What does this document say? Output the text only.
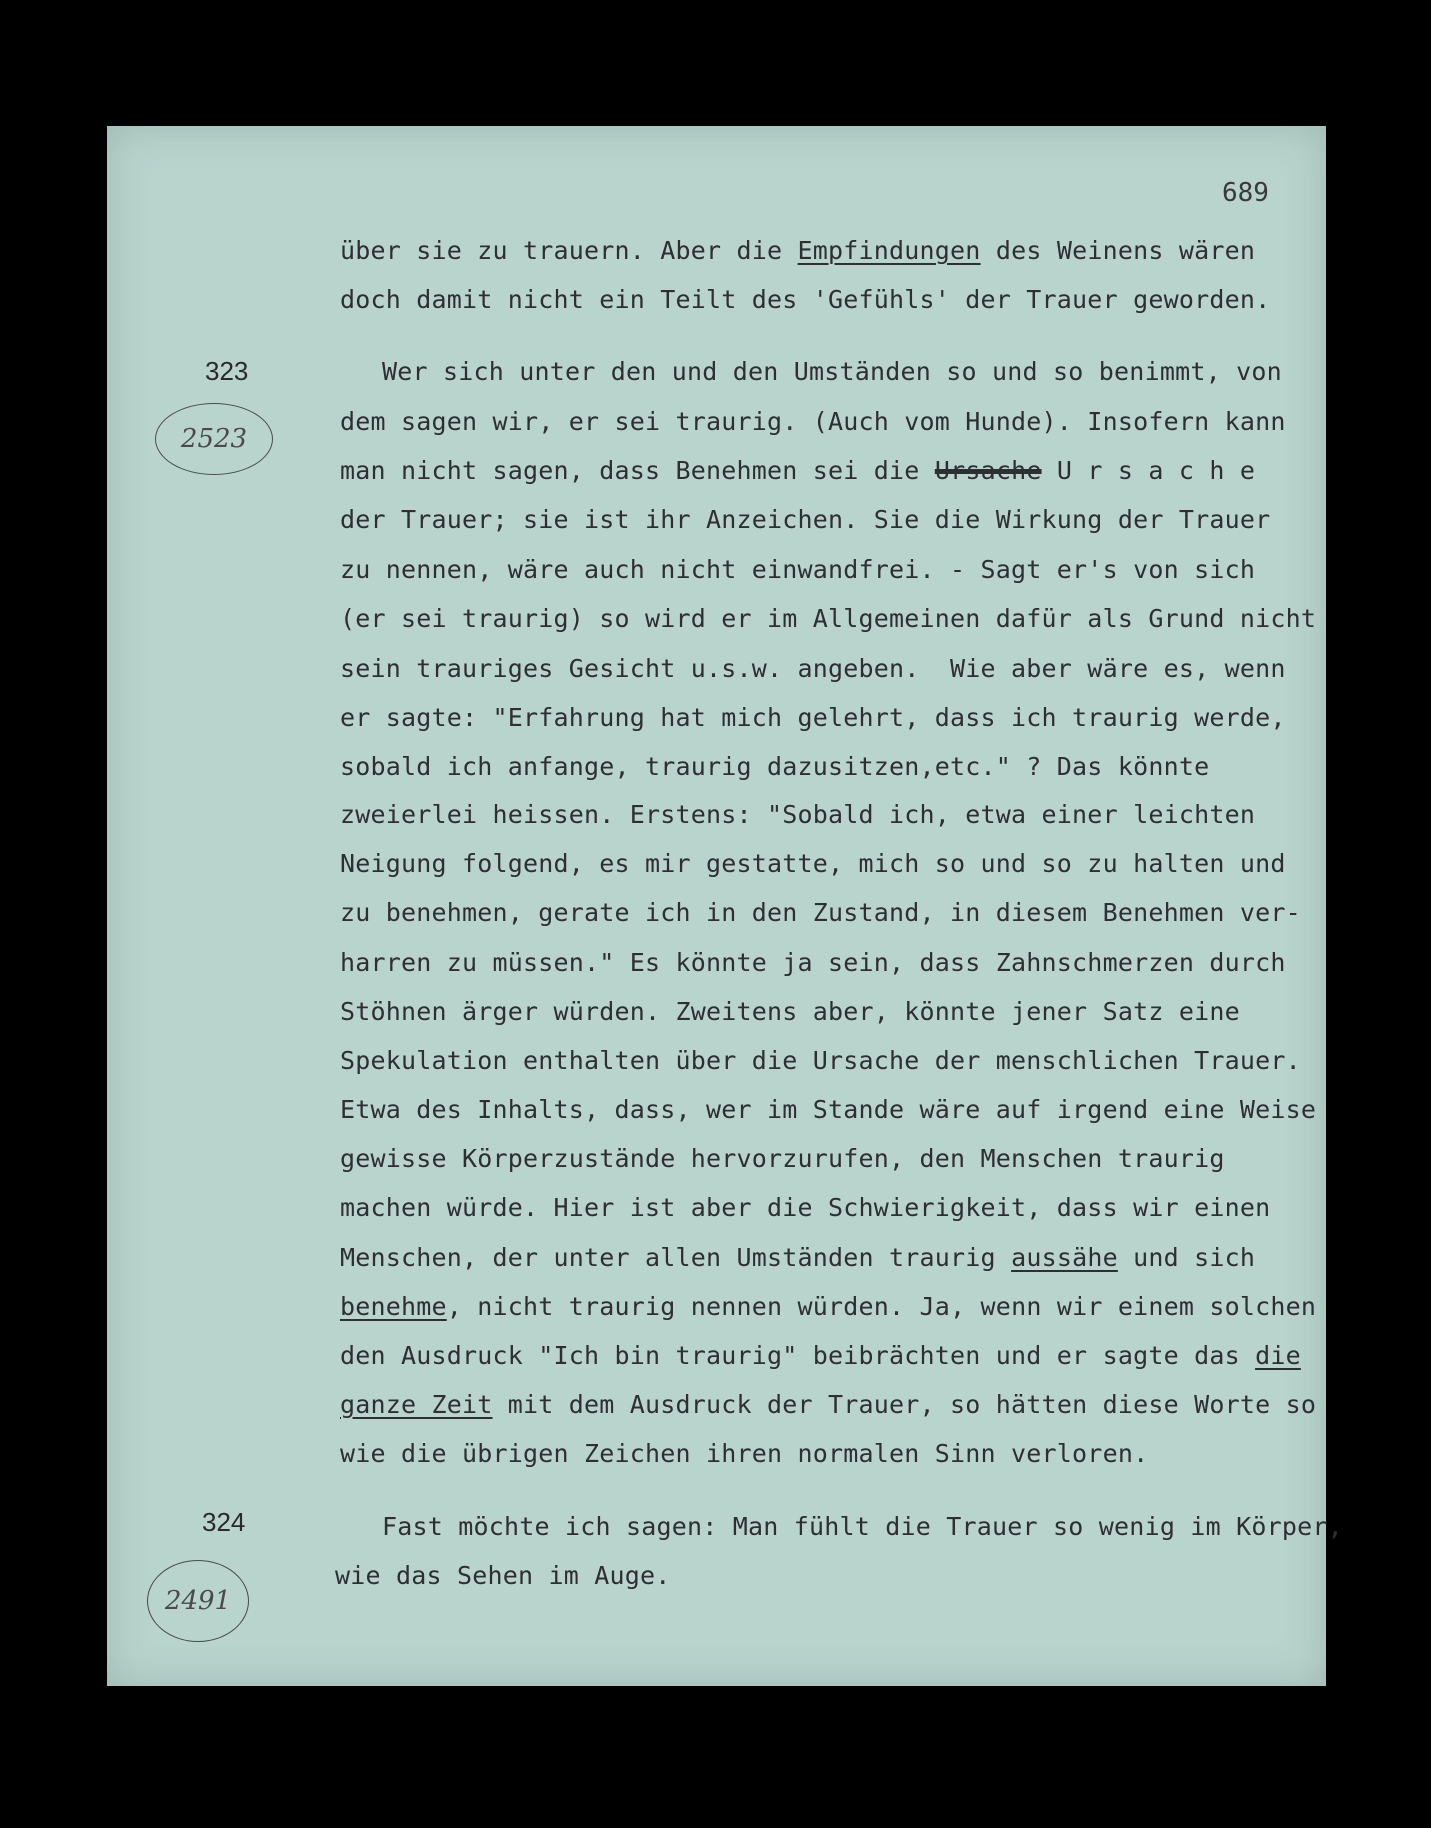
689
323
2523
324
2491
über sie zu trauern. Aber die Empfindungen des Weinens wären
doch damit nicht ein Teilt des 'Gefühls' der Trauer geworden.
Wer sich unter den und den Umständen so und so benimmt, von
dem sagen wir, er sei traurig. (Auch vom Hunde). Insofern kann
man nicht sagen, dass Benehmen sei die Ursache U r s a c h e
der Trauer; sie ist ihr Anzeichen. Sie die Wirkung der Trauer
zu nennen, wäre auch nicht einwandfrei. - Sagt er's von sich
(er sei traurig) so wird er im Allgemeinen dafür als Grund nicht
sein trauriges Gesicht u.s.w. angeben.  Wie aber wäre es, wenn
er sagte: "Erfahrung hat mich gelehrt, dass ich traurig werde,
sobald ich anfange, traurig dazusitzen,etc." ? Das könnte
zweierlei heissen. Erstens: "Sobald ich, etwa einer leichten
Neigung folgend, es mir gestatte, mich so und so zu halten und
zu benehmen, gerate ich in den Zustand, in diesem Benehmen ver-
harren zu müssen." Es könnte ja sein, dass Zahnschmerzen durch
Stöhnen ärger würden. Zweitens aber, könnte jener Satz eine
Spekulation enthalten über die Ursache der menschlichen Trauer.
Etwa des Inhalts, dass, wer im Stande wäre auf irgend eine Weise
gewisse Körperzustände hervorzurufen, den Menschen traurig
machen würde. Hier ist aber die Schwierigkeit, dass wir einen
Menschen, der unter allen Umständen traurig aussähe und sich
benehme, nicht traurig nennen würden. Ja, wenn wir einem solchen
den Ausdruck "Ich bin traurig" beibrächten und er sagte das die
ganze Zeit mit dem Ausdruck der Trauer, so hätten diese Worte so
wie die übrigen Zeichen ihren normalen Sinn verloren.
Fast möchte ich sagen: Man fühlt die Trauer so wenig im Körper,
wie das Sehen im Auge.
